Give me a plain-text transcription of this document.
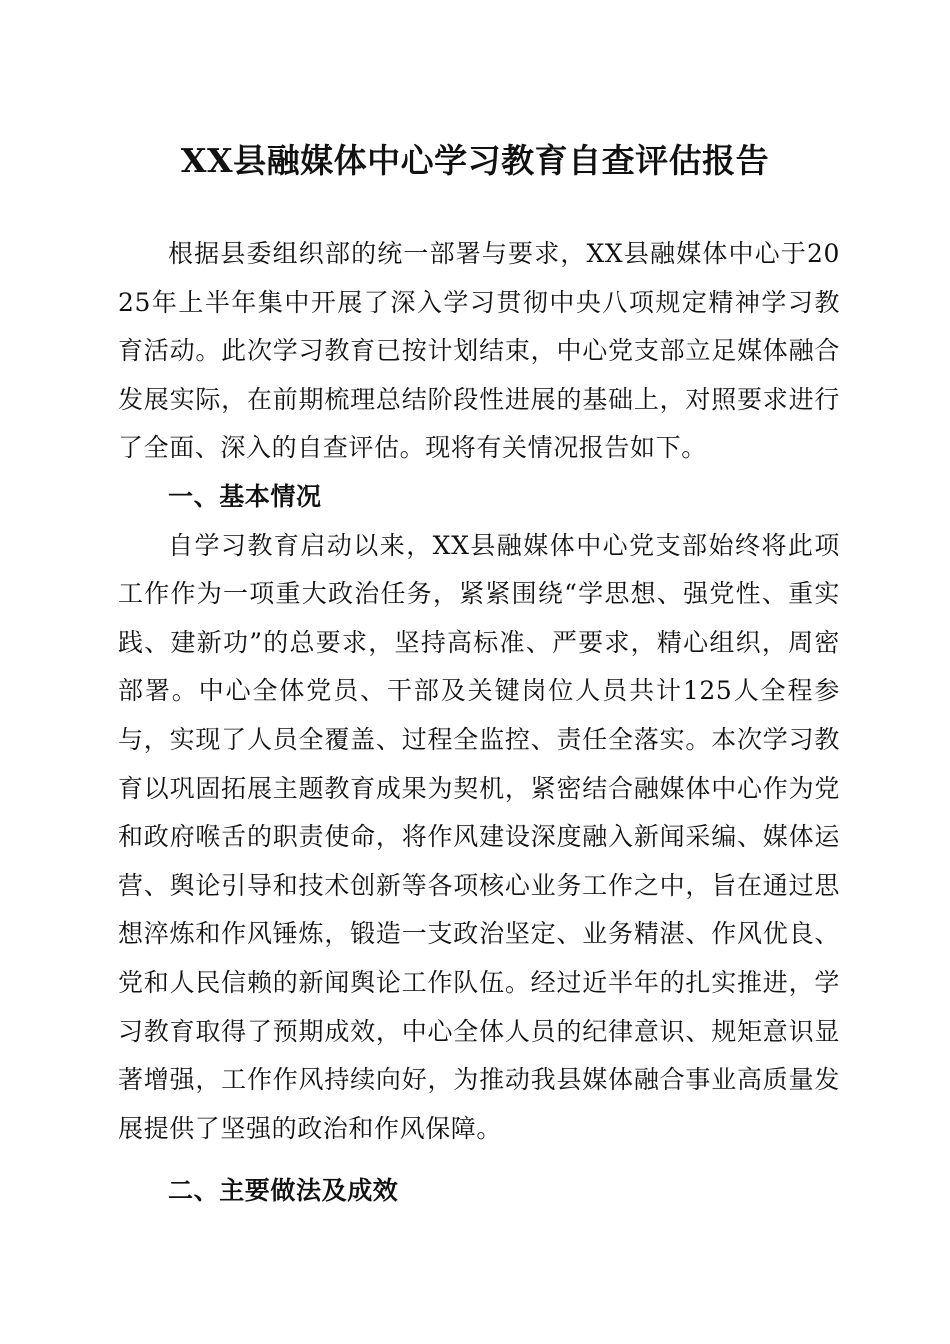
XX县融媒体中心学习教育自查评估报告

根据县委组织部的统一部署与要求，XX县融媒体中心于2025年上半年集中开展了深入学习贯彻中央八项规定精神学习教育活动。此次学习教育已按计划结束，中心党支部立足媒体融合发展实际，在前期梳理总结阶段性进展的基础上，对照要求进行了全面、深入的自查评估。现将有关情况报告如下。

一、基本情况

自学习教育启动以来，XX县融媒体中心党支部始终将此项工作作为一项重大政治任务，紧紧围绕“学思想、强党性、重实践、建新功”的总要求，坚持高标准、严要求，精心组织，周密部署。中心全体党员、干部及关键岗位人员共计125人全程参与，实现了人员全覆盖、过程全监控、责任全落实。本次学习教育以巩固拓展主题教育成果为契机，紧密结合融媒体中心作为党和政府喉舌的职责使命，将作风建设深度融入新闻采编、媒体运营、舆论引导和技术创新等各项核心业务工作之中，旨在通过思想淬炼和作风锤炼，锻造一支政治坚定、业务精湛、作风优良、党和人民信赖的新闻舆论工作队伍。经过近半年的扎实推进，学习教育取得了预期成效，中心全体人员的纪律意识、规矩意识显著增强，工作作风持续向好，为推动我县媒体融合事业高质量发展提供了坚强的政治和作风保障。

二、主要做法及成效
